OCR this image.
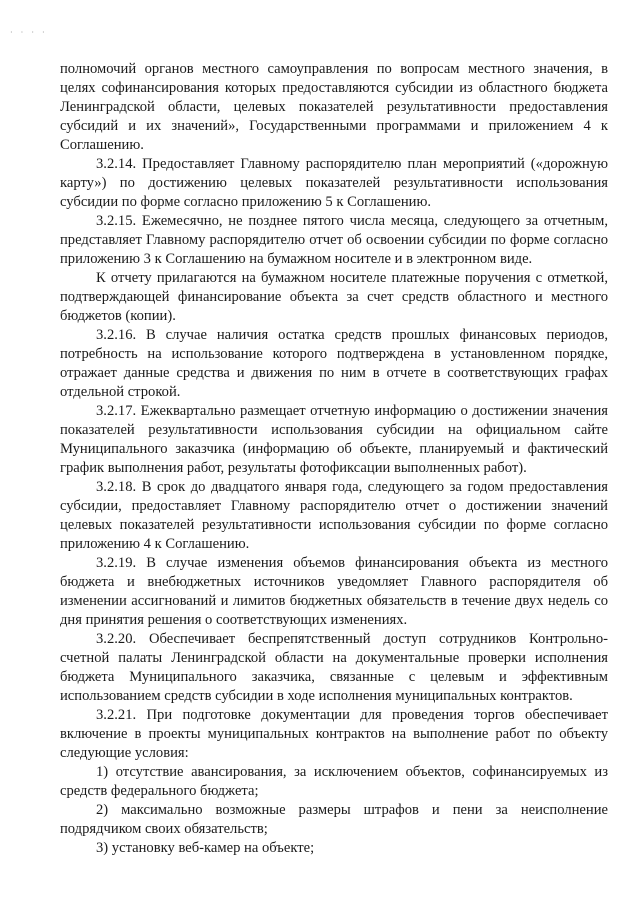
· · · ·

полномочий органов местного самоуправления по вопросам местного значения, в целях софинансирования которых предоставляются субсидии из областного бюджета Ленинградской области, целевых показателей результативности предоставления субсидий и их значений», Государственными программами и приложением 4 к Соглашению.

3.2.14. Предоставляет Главному распорядителю план мероприятий («дорожную карту») по достижению целевых показателей результативности использования субсидии по форме согласно приложению 5 к Соглашению.

3.2.15. Ежемесячно, не позднее пятого числа месяца, следующего за отчетным, представляет Главному распорядителю отчет об освоении субсидии по форме согласно приложению 3 к Соглашению на бумажном носителе и в электронном виде.

К отчету прилагаются на бумажном носителе платежные поручения с отметкой, подтверждающей финансирование объекта за счет средств областного и местного бюджетов (копии).

3.2.16. В случае наличия остатка средств прошлых финансовых периодов, потребность на использование которого подтверждена в установленном порядке, отражает данные средства и движения по ним в отчете в соответствующих графах отдельной строкой.

3.2.17. Ежеквартально размещает отчетную информацию о достижении значения показателей результативности использования субсидии на официальном сайте Муниципального заказчика (информацию об объекте, планируемый и фактический график выполнения работ, результаты фотофиксации выполненных работ).

3.2.18. В срок до двадцатого января года, следующего за годом предоставления субсидии, предоставляет Главному распорядителю отчет о достижении значений целевых показателей результативности использования субсидии по форме согласно приложению 4 к Соглашению.

3.2.19. В случае изменения объемов финансирования объекта из местного бюджета и внебюджетных источников уведомляет Главного распорядителя об изменении ассигнований и лимитов бюджетных обязательств в течение двух недель со дня принятия решения о соответствующих изменениях.

3.2.20. Обеспечивает беспрепятственный доступ сотрудников Контрольно-счетной палаты Ленинградской области на документальные проверки исполнения бюджета Муниципального заказчика, связанные с целевым и эффективным использованием средств субсидии в ходе исполнения муниципальных контрактов.

3.2.21. При подготовке документации для проведения торгов обеспечивает включение в проекты муниципальных контрактов на выполнение работ по объекту следующие условия:

1) отсутствие авансирования, за исключением объектов, софинансируемых из средств федерального бюджета;

2) максимально возможные размеры штрафов и пени за неисполнение подрядчиком своих обязательств;

3) установку веб-камер на объекте;
